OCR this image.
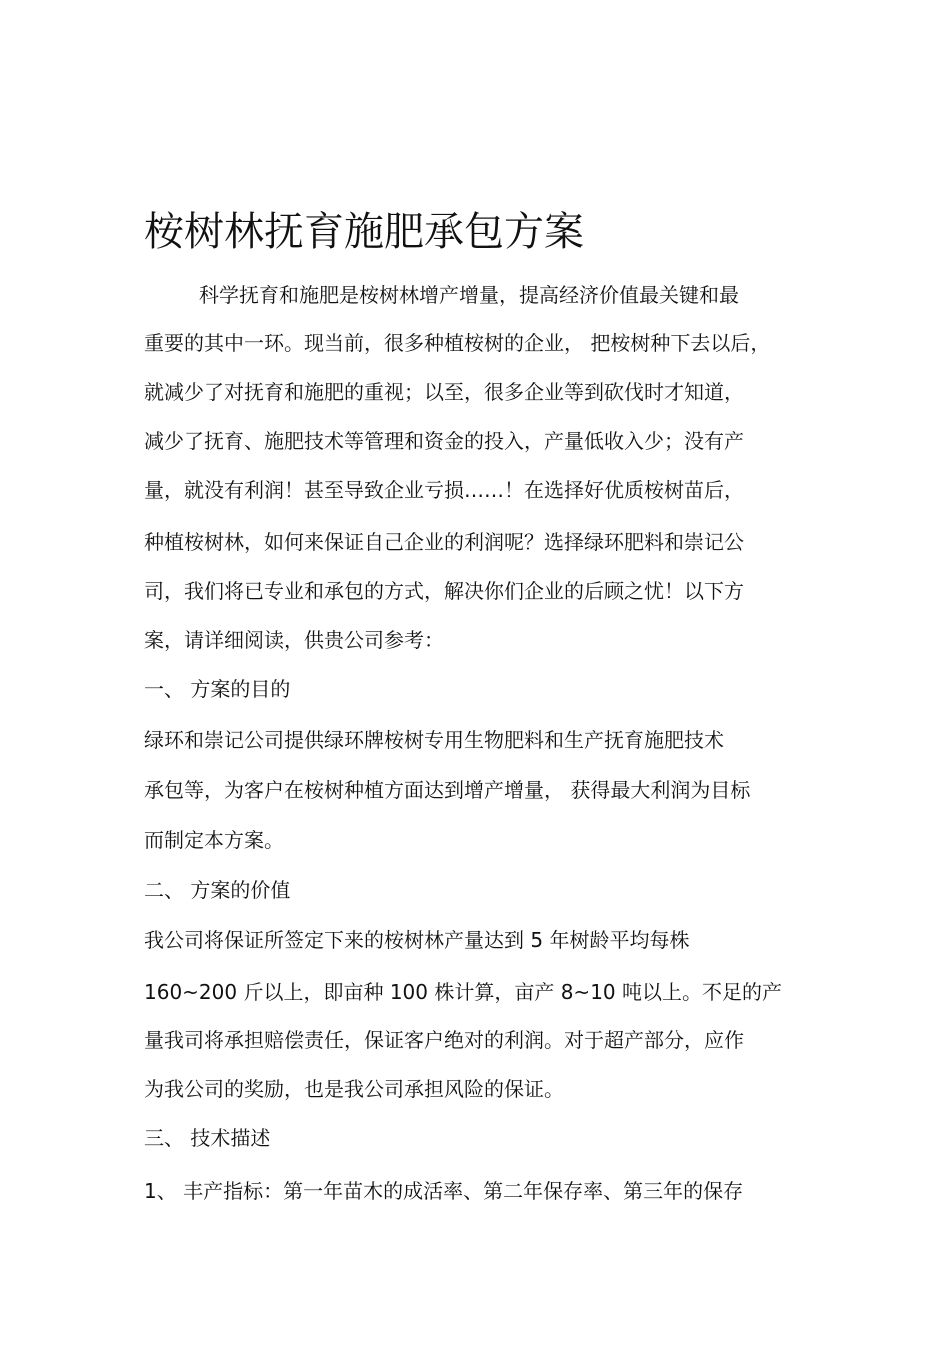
桉树林抚育施肥承包方案

科学抚育和施肥是桉树林增产增量，提高经济价值最关键和最

重要的其中一环。现当前，很多种植桉树的企业， 把桉树种下去以后，

就减少了对抚育和施肥的重视；以至，很多企业等到砍伐时才知道，

减少了抚育、施肥技术等管理和资金的投入，产量低收入少；没有产

量，就没有利润！甚至导致企业亏损……！在选择好优质桉树苗后，

种植桉树林，如何来保证自己企业的利润呢？选择绿环肥料和崇记公

司，我们将已专业和承包的方式，解决你们企业的后顾之忧！以下方

案，请详细阅读，供贵公司参考：

一、 方案的目的

绿环和崇记公司提供绿环牌桉树专用生物肥料和生产抚育施肥技术

承包等，为客户在桉树种植方面达到增产增量， 获得最大利润为目标

而制定本方案。

二、 方案的价值

我公司将保证所签定下来的桉树林产量达到 5 年树龄平均每株

160~200 斤以上，即亩种 100 株计算，亩产 8~10 吨以上。不足的产

量我司将承担赔偿责任，保证客户绝对的利润。对于超产部分，应作

为我公司的奖励，也是我公司承担风险的保证。

三、 技术描述

1、 丰产指标：第一年苗木的成活率、第二年保存率、第三年的保存
